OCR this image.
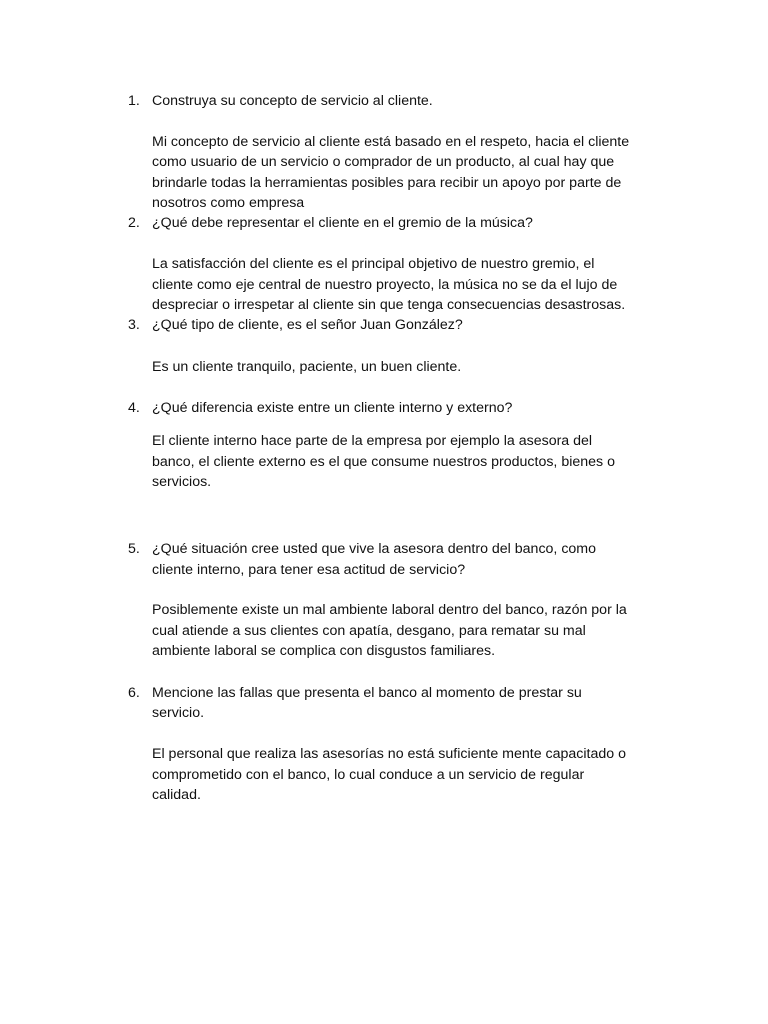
1. Construya su concepto de servicio al cliente.
Mi concepto de servicio al cliente está basado en el respeto, hacia el cliente
como usuario de un servicio o comprador de un producto, al cual hay que
brindarle todas la herramientas posibles para recibir un apoyo por parte de
nosotros como empresa
2. ¿Qué debe representar el cliente en el gremio de la música?
La satisfacción del cliente es el principal objetivo de nuestro gremio, el
cliente como eje central de nuestro proyecto, la música no se da el lujo de
despreciar o irrespetar al cliente sin que tenga consecuencias desastrosas.
3. ¿Qué tipo de cliente, es el señor Juan González?
Es un cliente tranquilo, paciente, un buen cliente.
4. ¿Qué diferencia existe entre un cliente interno y externo?
El cliente interno hace parte de la empresa por ejemplo la asesora del
banco, el cliente externo es el que consume nuestros productos, bienes o
servicios.
5. ¿Qué situación cree usted que vive la asesora dentro del banco, como
cliente interno, para tener esa actitud de servicio?
Posiblemente existe un mal ambiente laboral dentro del banco, razón por la
cual atiende a sus clientes con apatía, desgano, para rematar su mal
ambiente laboral se complica con disgustos familiares.
6. Mencione las fallas que presenta el banco al momento de prestar su
servicio.
El personal que realiza las asesorías no está suficiente mente capacitado o
comprometido con el banco, lo cual conduce a un servicio de regular
calidad.
